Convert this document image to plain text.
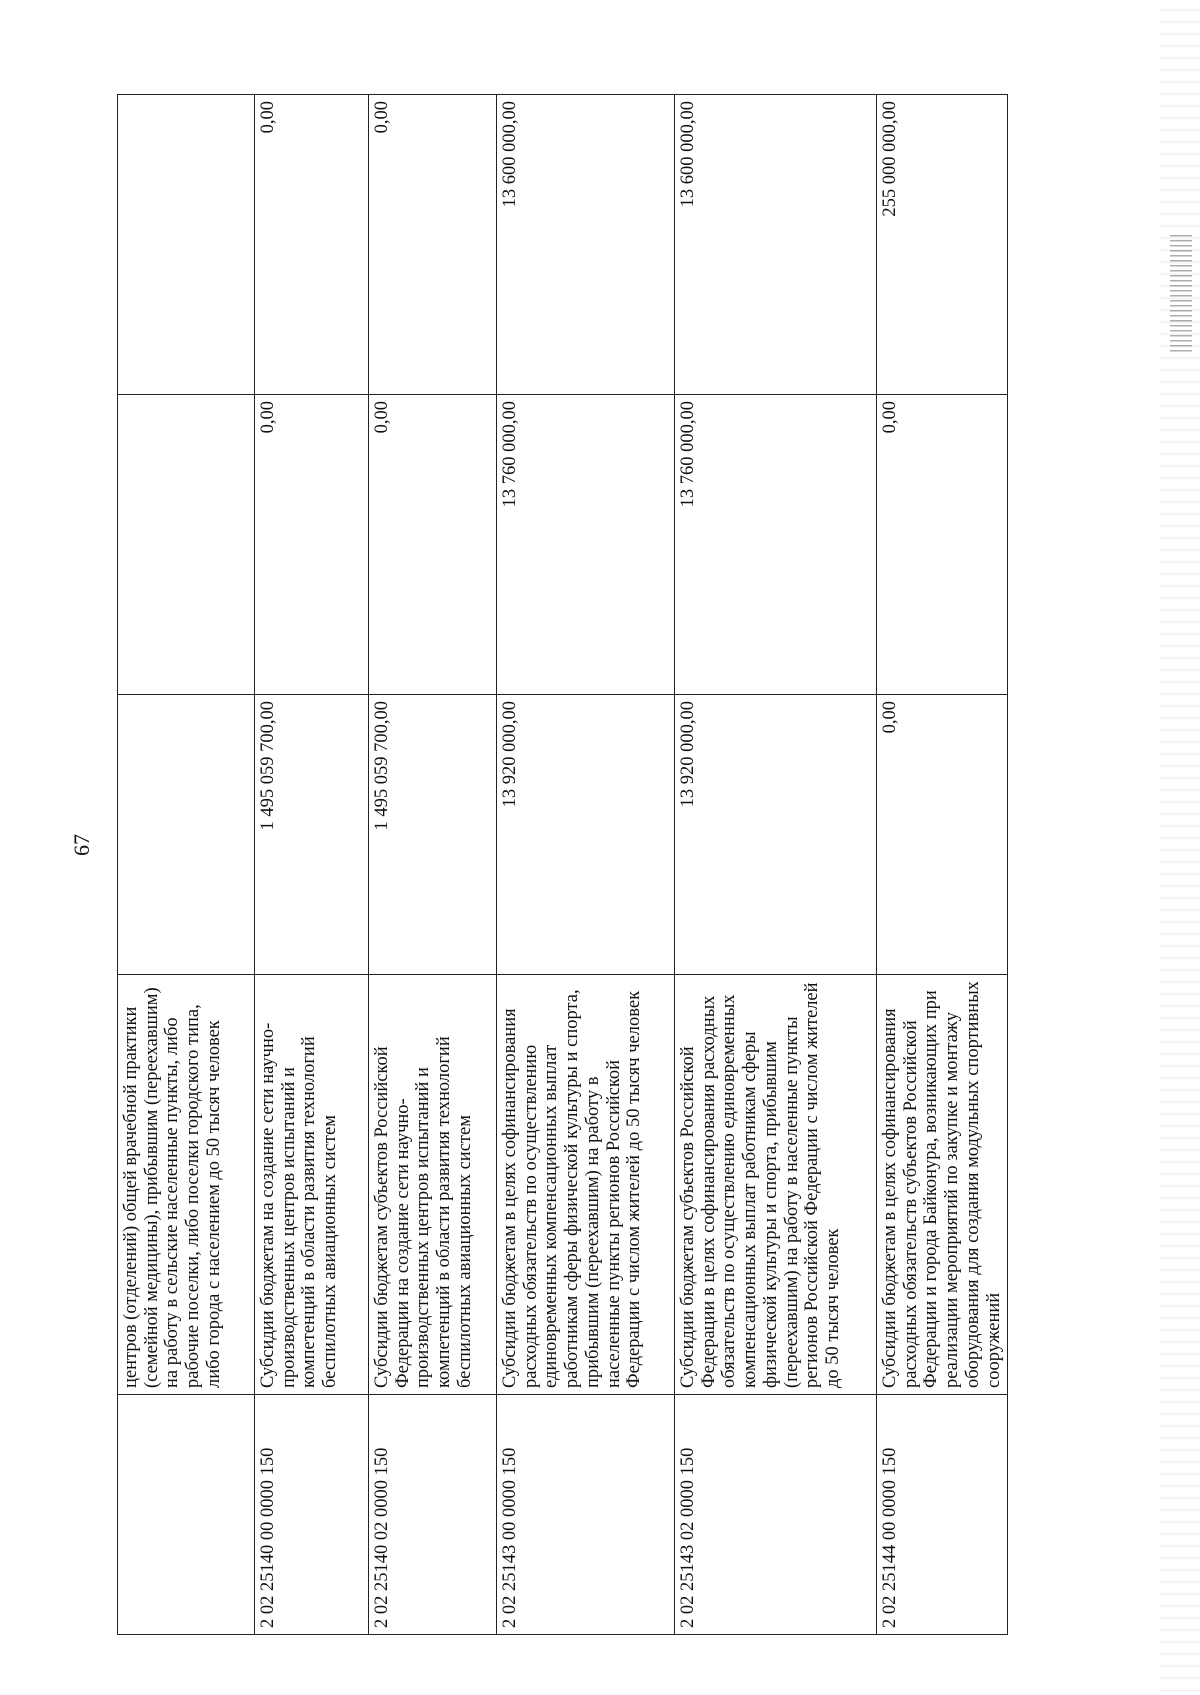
67
	центров (отделений) общей врачебной практики (семейной медицины), прибывшим (переехавшим) на работу в сельские населенные пункты, либо рабочие поселки, либо поселки городского типа, либо города с населением до 50 тысяч человек			
2 02 25140 00 0000 150	Субсидии бюджетам на создание сети научно-производственных центров испытаний и компетенций в области развития технологий беспилотных авиационных систем	1 495 059 700,00	0,00	0,00
2 02 25140 02 0000 150	Субсидии бюджетам субъектов Российской Федерации на создание сети научно-производственных центров испытаний и компетенций в области развития технологий беспилотных авиационных систем	1 495 059 700,00	0,00	0,00
2 02 25143 00 0000 150	Субсидии бюджетам в целях софинансирования расходных обязательств по осуществлению единовременных компенсационных выплат работникам сферы физической культуры и спорта, прибывшим (переехавшим) на работу в населенные пункты регионов Российской Федерации с числом жителей до 50 тысяч человек	13 920 000,00	13 760 000,00	13 600 000,00
2 02 25143 02 0000 150	Субсидии бюджетам субъектов Российской Федерации в целях софинансирования расходных обязательств по осуществлению единовременных компенсационных выплат работникам сферы физической культуры и спорта, прибывшим (переехавшим) на работу в населенные пункты регионов Российской Федерации с числом жителей до 50 тысяч человек	13 920 000,00	13 760 000,00	13 600 000,00
2 02 25144 00 0000 150	Субсидии бюджетам в целях софинансирования расходных обязательств субъектов Российской Федерации и города Байконура, возникающих при реализации мероприятий по закупке и монтажу оборудования для создания модульных спортивных сооружений	0,00	0,00	255 000 000,00
